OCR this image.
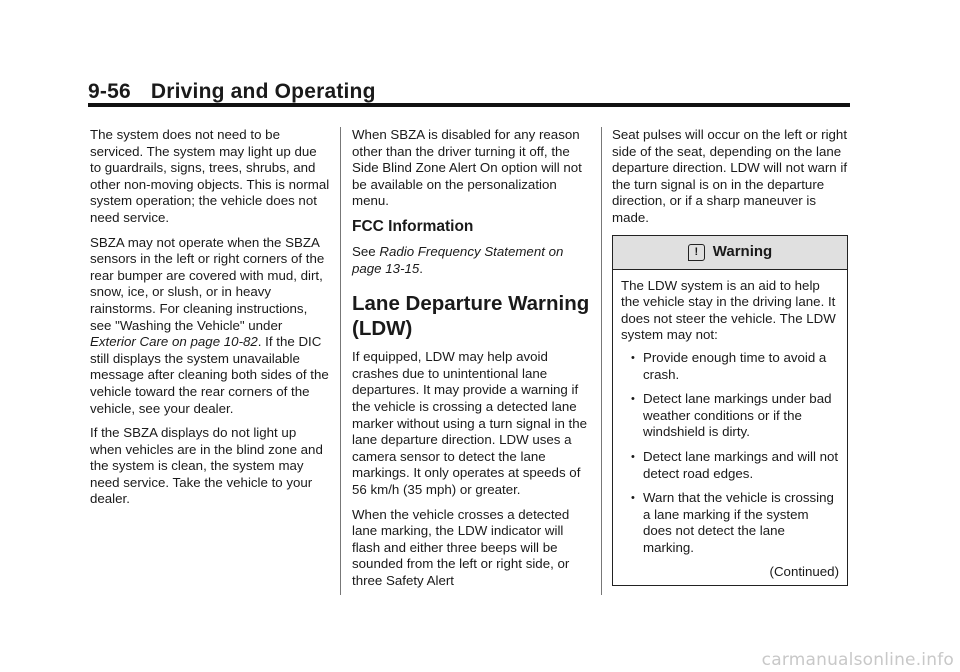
9-56 Driving and Operating

The system does not need to be serviced. The system may light up due to guardrails, signs, trees, shrubs, and other non-moving objects. This is normal system operation; the vehicle does not need service.

SBZA may not operate when the SBZA sensors in the left or right corners of the rear bumper are covered with mud, dirt, snow, ice, or slush, or in heavy rainstorms. For cleaning instructions, see "Washing the Vehicle" under Exterior Care on page 10-82. If the DIC still displays the system unavailable message after cleaning both sides of the vehicle toward the rear corners of the vehicle, see your dealer.

If the SBZA displays do not light up when vehicles are in the blind zone and the system is clean, the system may need service. Take the vehicle to your dealer.

When SBZA is disabled for any reason other than the driver turning it off, the Side Blind Zone Alert On option will not be available on the personalization menu.

FCC Information

See Radio Frequency Statement on page 13-15.

Lane Departure Warning (LDW)

If equipped, LDW may help avoid crashes due to unintentional lane departures. It may provide a warning if the vehicle is crossing a detected lane marker without using a turn signal in the lane departure direction. LDW uses a camera sensor to detect the lane markings. It only operates at speeds of 56 km/h (35 mph) or greater.

When the vehicle crosses a detected lane marking, the LDW indicator will flash and either three beeps will be sounded from the left or right side, or three Safety Alert

Seat pulses will occur on the left or right side of the seat, depending on the lane departure direction. LDW will not warn if the turn signal is on in the departure direction, or if a sharp maneuver is made.

! Warning
The LDW system is an aid to help the vehicle stay in the driving lane. It does not steer the vehicle. The LDW system may not:
• Provide enough time to avoid a crash.
• Detect lane markings under bad weather conditions or if the windshield is dirty.
• Detect lane markings and will not detect road edges.
• Warn that the vehicle is crossing a lane marking if the system does not detect the lane marking.
(Continued)
carmanualsonline.info
